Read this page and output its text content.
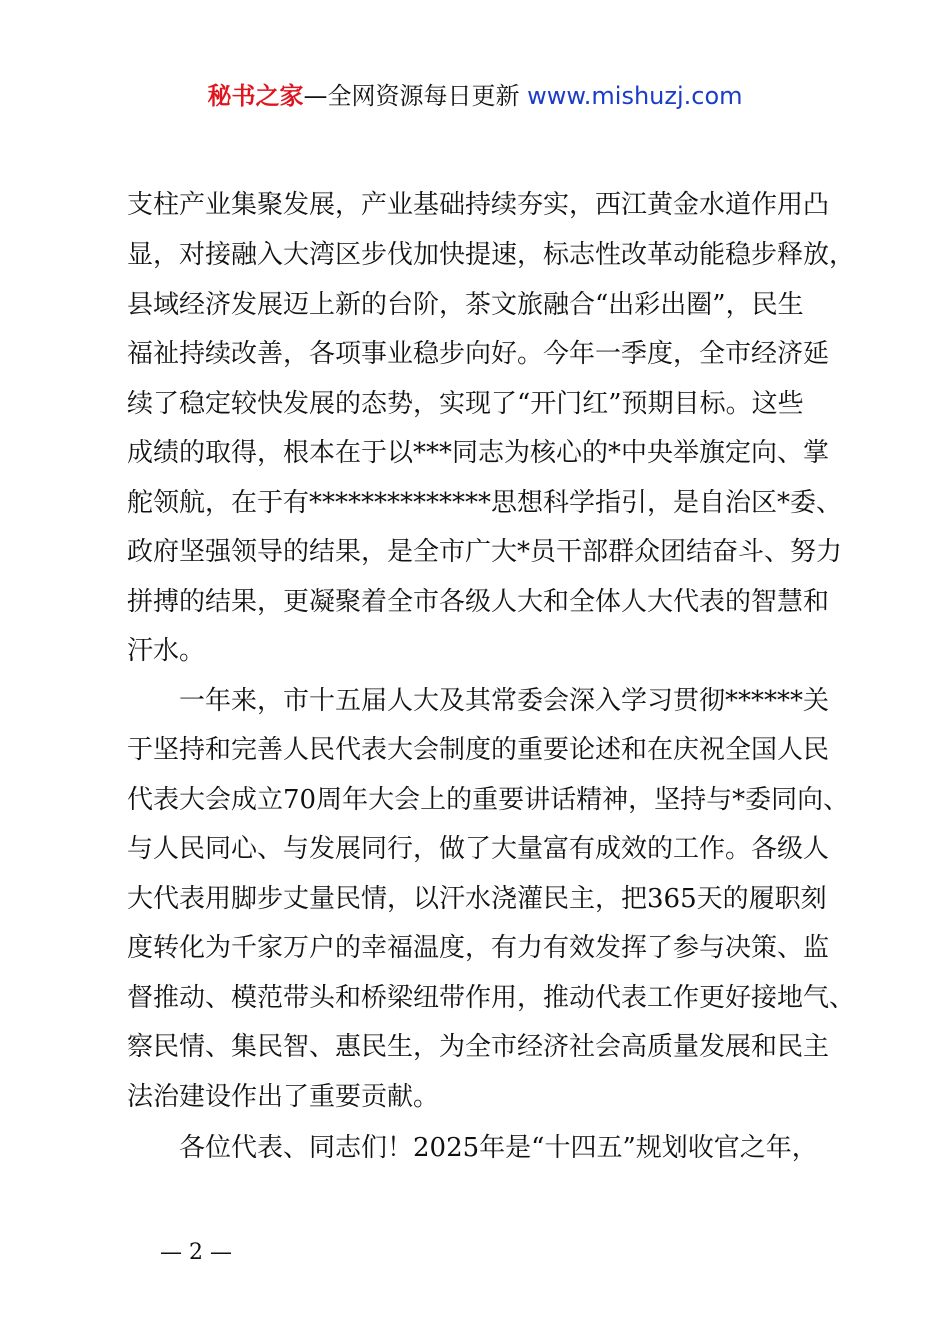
秘书之家—全网资源每日更新 www.mishuzj.com
支柱产业集聚发展，产业基础持续夯实，西江黄金水道作用凸
显，对接融入大湾区步伐加快提速，标志性改革动能稳步释放，
县域经济发展迈上新的台阶，茶文旅融合“出彩出圈”，民生
福祉持续改善，各项事业稳步向好。今年一季度，全市经济延
续了稳定较快发展的态势，实现了“开门红”预期目标。这些
成绩的取得，根本在于以***同志为核心的*中央举旗定向、掌
舵领航，在于有**************思想科学指引，是自治区*委、
政府坚强领导的结果，是全市广大*员干部群众团结奋斗、努力
拼搏的结果，更凝聚着全市各级人大和全体人大代表的智慧和
汗水。
　　一年来，市十五届人大及其常委会深入学习贯彻******关
于坚持和完善人民代表大会制度的重要论述和在庆祝全国人民
代表大会成立70周年大会上的重要讲话精神，坚持与*委同向、
与人民同心、与发展同行，做了大量富有成效的工作。各级人
大代表用脚步丈量民情，以汗水浇灌民主，把365天的履职刻
度转化为千家万户的幸福温度，有力有效发挥了参与决策、监
督推动、模范带头和桥梁纽带作用，推动代表工作更好接地气、
察民情、集民智、惠民生，为全市经济社会高质量发展和民主
法治建设作出了重要贡献。
　　各位代表、同志们！2025年是“十四五”规划收官之年，
— 2 —
